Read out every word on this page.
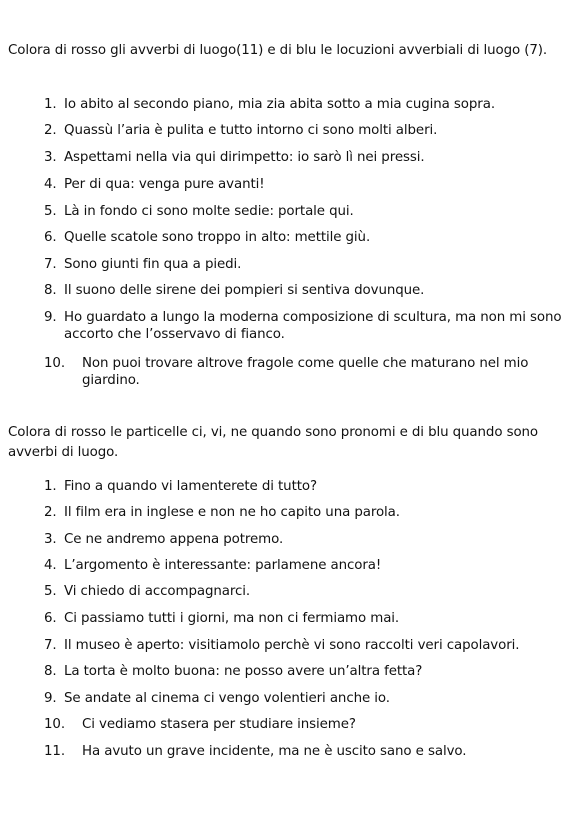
Colora di rosso gli avverbi di luogo(11) e di blu le locuzioni avverbiali di luogo (7).
1. Io abito al secondo piano, mia zia abita sotto a mia cugina sopra.
2. Quassù l’aria è pulita e tutto intorno ci sono molti alberi.
3. Aspettami nella via qui dirimpetto: io sarò lì nei pressi.
4. Per di qua: venga pure avanti!
5. Là in fondo ci sono molte sedie: portale qui.
6. Quelle scatole sono troppo in alto: mettile giù.
7. Sono giunti fin qua a piedi.
8. Il suono delle sirene dei pompieri si sentiva dovunque.
9. Ho guardato a lungo la moderna composizione di scultura, ma non mi sono accorto che l’osservavo di fianco.
10.	Non puoi trovare altrove fragole come quelle che maturano nel mio giardino.
Colora di rosso le particelle ci, vi, ne quando sono pronomi e di blu quando sono avverbi di luogo.
1. Fino a quando vi lamenterete di tutto?
2. Il film era in inglese e non ne ho capito una parola.
3. Ce ne andremo appena potremo.
4. L’argomento è interessante: parlamene ancora!
5. Vi chiedo di accompagnarci.
6. Ci passiamo tutti i giorni, ma non ci fermiamo mai.
7. Il museo è aperto: visitiamolo perchè vi sono raccolti veri capolavori.
8. La torta è molto buona: ne posso avere un’altra fetta?
9. Se andate al cinema ci vengo volentieri anche io.
10.	Ci vediamo stasera per studiare insieme?
11.	Ha avuto un grave incidente, ma ne è uscito sano e salvo.
